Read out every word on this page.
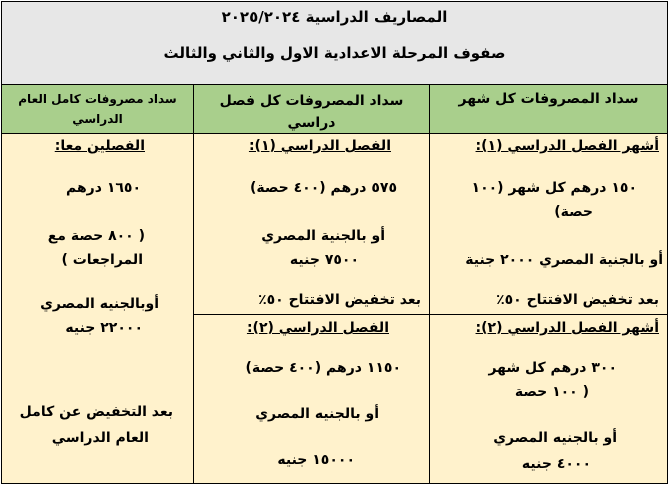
المصاريف الدراسية ٢٠٢٥/٢٠٢٤
صفوف المرحلة الاعدادية الاول والثاني والثالث
سداد المصروفات كل شهر
سداد المصروفات كل فصل
دراسي
سداد مصروفات كامل العام
الدراسي
أشهر الفصل الدراسي (١):
١٥٠ درهم كل شهر (١٠٠
حصة)
أو بالجنية المصري ٢٠٠٠ جنية
بعد تخفيض الافتتاح ٥٠٪
أشهر الفصل الدراسي (٢):
٣٠٠ درهم كل شهر
( ١٠٠ حصة
أو بالجنيه المصري
٤٠٠٠ جنيه
الفصل الدراسي (١):
٥٧٥ درهم (٤٠٠ حصة)
أو بالجنية المصري
٧٥٠٠ جنيه
بعد تخفيض الافتتاح ٥٠٪
الفصل الدراسي (٢):
١١٥٠ درهم (٤٠٠ حصة)
أو بالجنيه المصري
١٥٠٠٠ جنيه
الفصلين معا:
١٦٥٠ درهم
( ٨٠٠ حصة مع
المراجعات )
أوبالجنيه المصري
٢٢٠٠٠ جنيه
بعد التخفيض عن كامل
العام الدراسي
